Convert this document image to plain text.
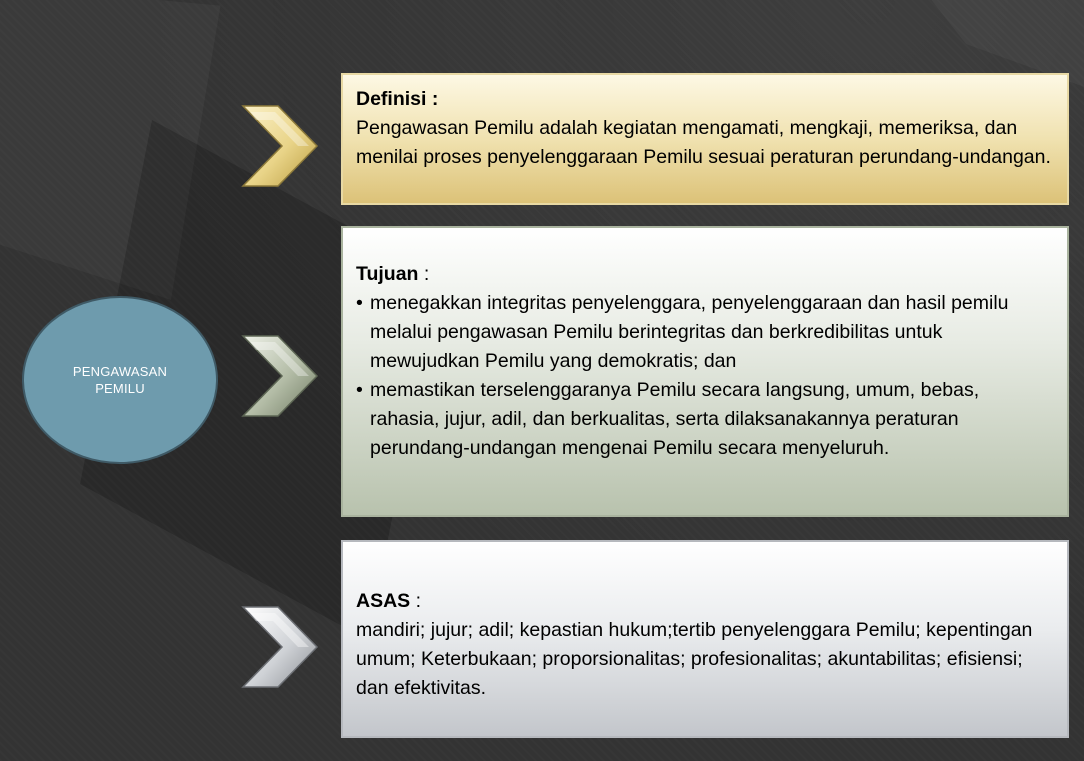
PENGAWASAN PEMILU
Definisi :
Pengawasan Pemilu adalah kegiatan mengamati, mengkaji, memeriksa, dan menilai proses penyelenggaraan Pemilu sesuai peraturan perundang-undangan.
Tujuan :
• menegakkan integritas penyelenggara, penyelenggaraan dan hasil pemilu melalui pengawasan Pemilu berintegritas dan berkredibilitas untuk mewujudkan Pemilu yang demokratis; dan
• memastikan terselenggaranya Pemilu secara langsung, umum, bebas, rahasia, jujur, adil, dan berkualitas, serta dilaksanakannya peraturan perundang-undangan mengenai Pemilu secara menyeluruh.
ASAS :
mandiri; jujur; adil; kepastian hukum;tertib penyelenggara Pemilu; kepentingan umum; Keterbukaan; proporsionalitas; profesionalitas; akuntabilitas; efisiensi; dan efektivitas.
